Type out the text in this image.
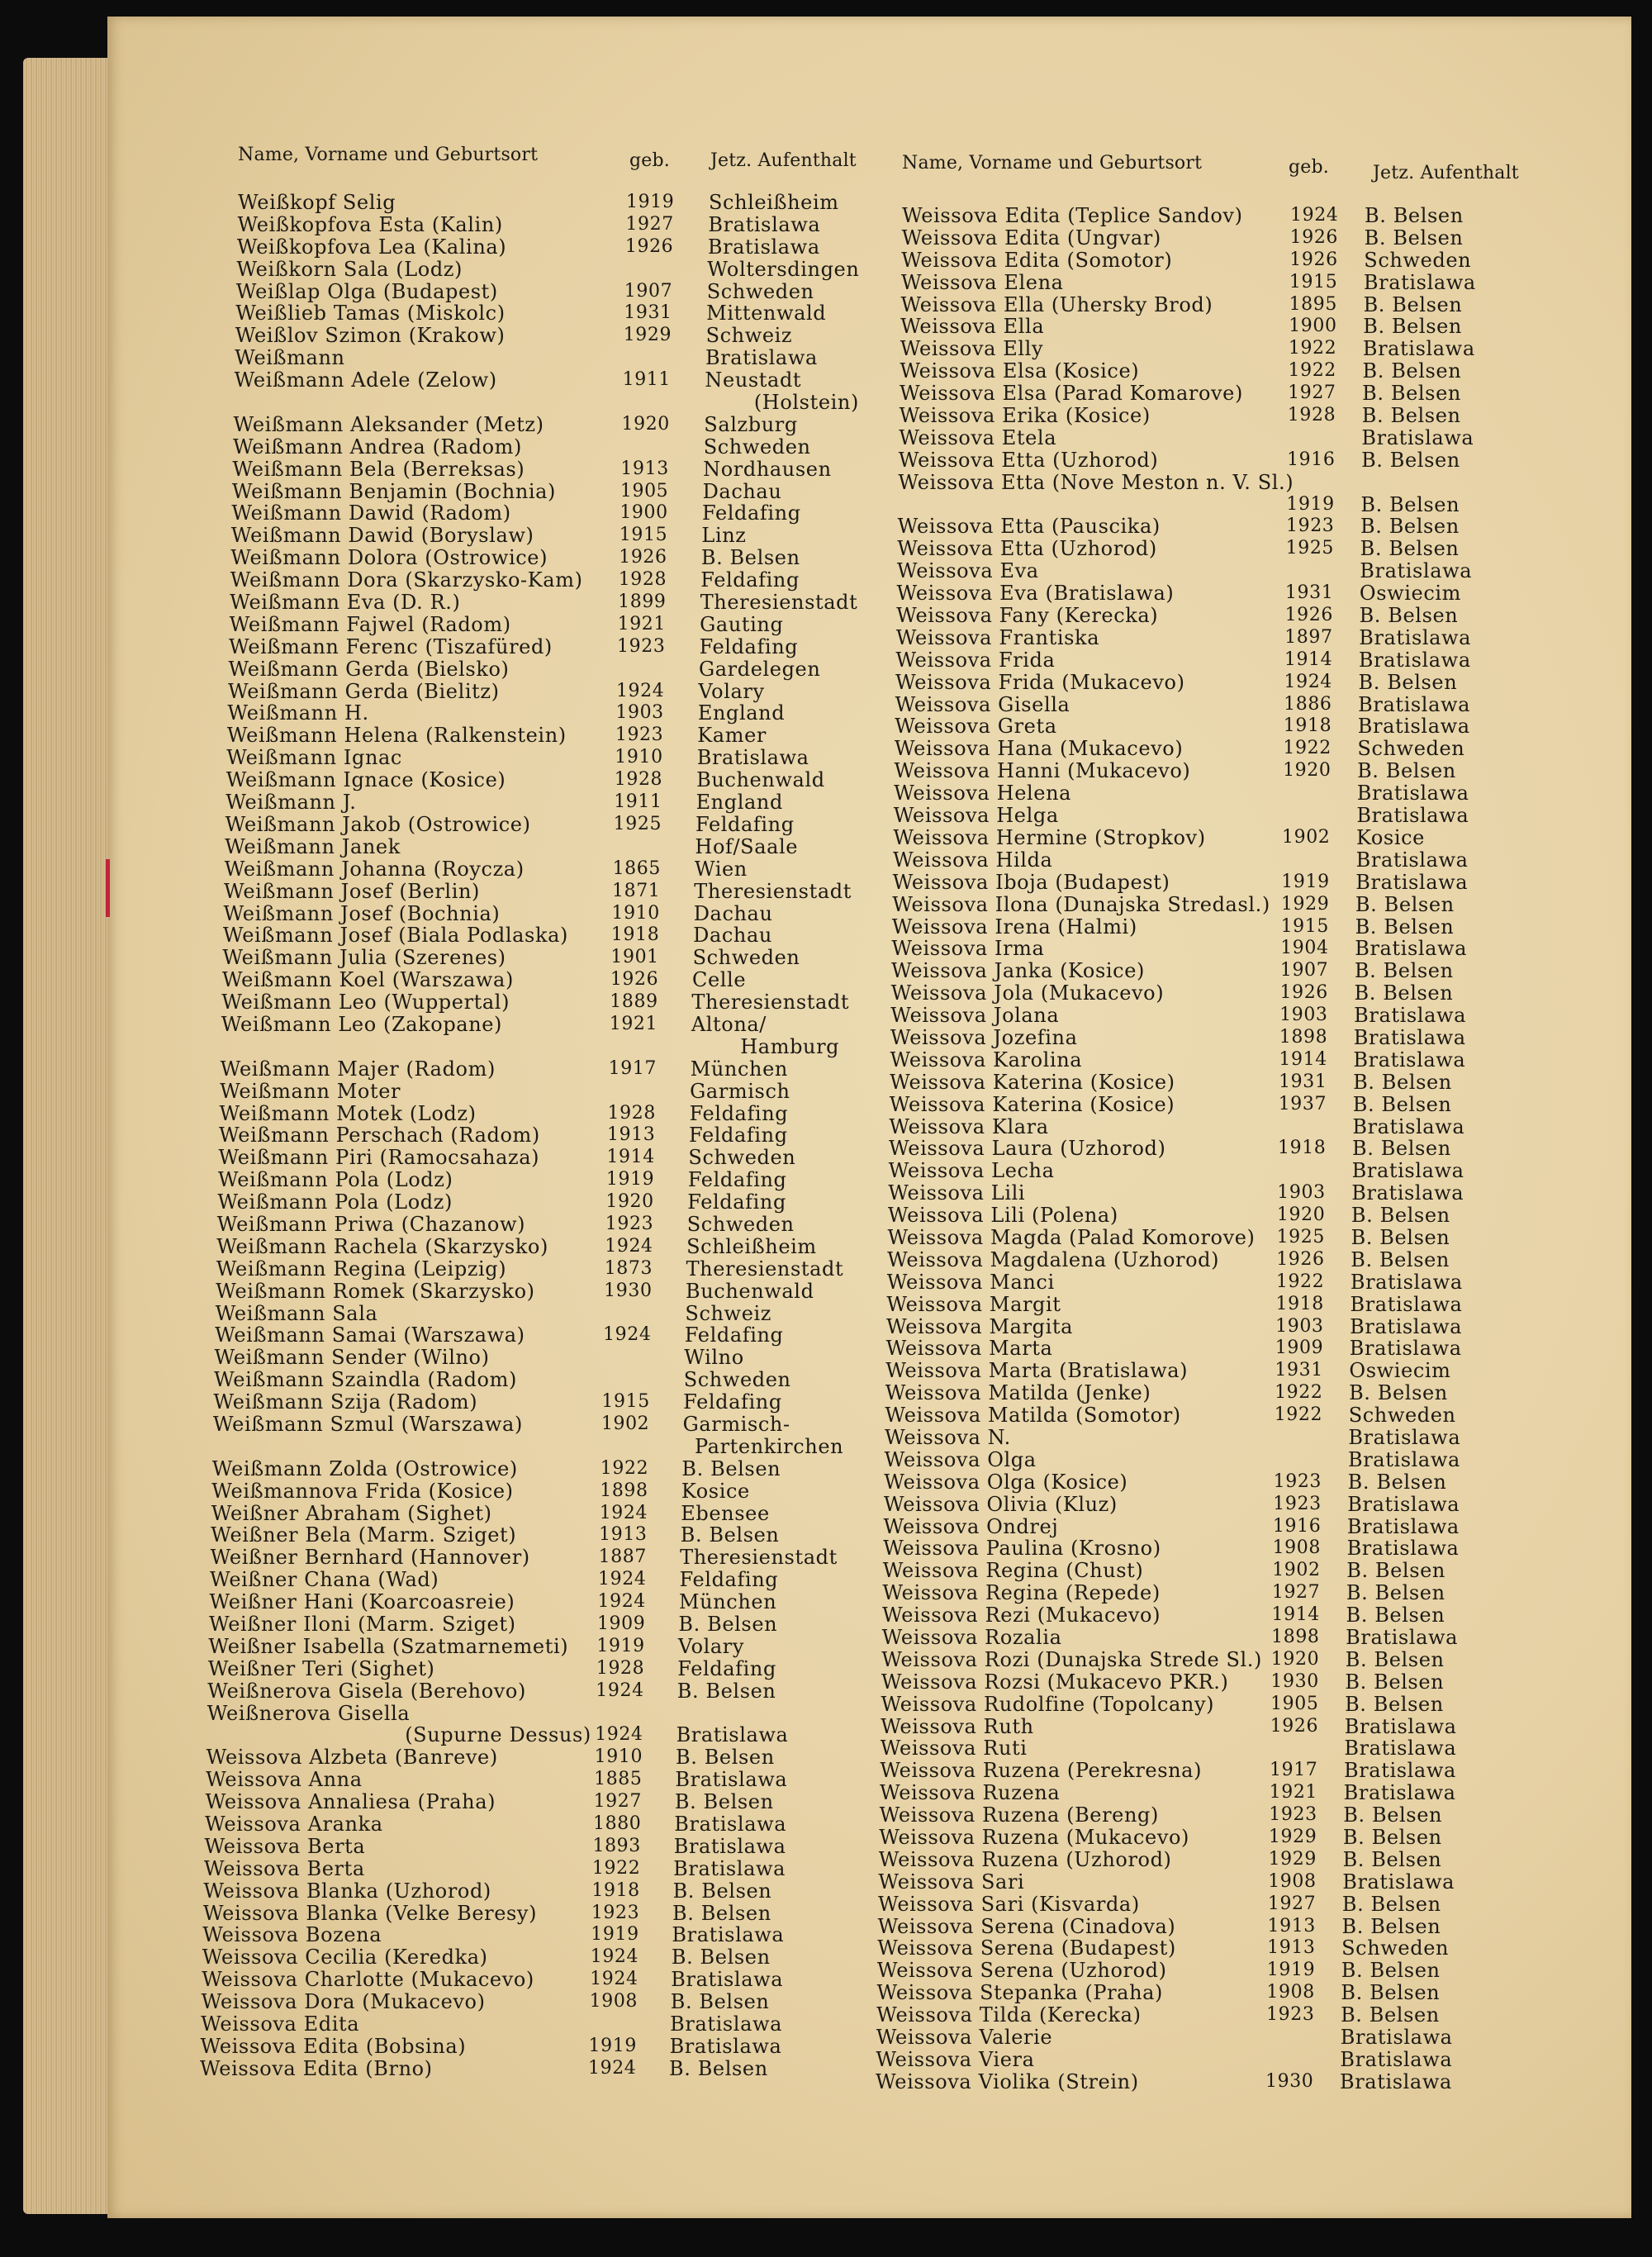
Name, Vorname und Geburtsort	geb. Jetz. Aufenthalt
Weißkopf Selig	1919 Schleißheim
Weißkopfova Esta (Kalin)	1927 Bratislawa
Weißkopfova Lea (Kalina)	1926 Bratislawa
Weißkorn Sala (Lodz)	Woltersdingen
Weißlap Olga (Budapest)	1907 Schweden
Weißlieb Tamas (Miskolc)	1931 Mittenwald
Weißlov Szimon (Krakow)	1929 Schweiz
Weißmann	Bratislawa
Weißmann Adele (Zelow)	1911 Neustadt
(Holstein)
Weißmann Aleksander (Metz)	1920 Salzburg
Weißmann Andrea (Radom)	Schweden
Weißmann Bela (Berreksas)	1913 Nordhausen
Weißmann Benjamin (Bochnia)	1905 Dachau
Weißmann Dawid (Radom)	1900 Feldafing
Weißmann Dawid (Boryslaw)	1915 Linz
Weißmann Dolora (Ostrowice)	1926 B. Belsen
Weißmann Dora (Skarzysko-Kam) 1928 Feldafing
Weißmann Eva (D. R.)	1899 Theresienstadt
Weißmann Fajwel (Radom)	1921 Gauting
Weißmann Ferenc (Tiszafüred)	1923 Feldafing
Weißmann Gerda (Bielsko)	Gardelegen
Weißmann Gerda (Bielitz)	1924 Volary
Weißmann H.	1903 England
Weißmann Helena (Ralkenstein)	1923 Kamer
Weißmann Ignac	1910 Bratislawa
Weißmann Ignace (Kosice)	1928 Buchenwald
Weißmann J.	1911 England
Weißmann Jakob (Ostrowice)	1925 Feldafing
Weißmann Janek	Hof/Saale
Weißmann Johanna (Roycza)	1865 Wien
Weißmann Josef (Berlin)	1871 Theresienstadt
Weißmann Josef (Bochnia)	1910 Dachau
Weißmann Josef (Biala Podlaska) 1918 Dachau
Weißmann Julia (Szerenes)	1901 Schweden
Weißmann Koel (Warszawa)	1926 Celle
Weißmann Leo (Wuppertal)	1889 Theresienstadt
Weißmann Leo (Zakopane)	1921 Altona/
Hamburg
Weißmann Majer (Radom)	1917 München
Weißmann Moter	Garmisch
Weißmann Motek (Lodz)	1928 Feldafing
Weißmann Perschach (Radom)	1913 Feldafing
Weißmann Piri (Ramocsahaza)	1914 Schweden
Weißmann Pola (Lodz)	1919 Feldafing
Weißmann Pola (Lodz)	1920 Feldafing
Weißmann Priwa (Chazanow)	1923 Schweden
Weißmann Rachela (Skarzysko)	1924 Schleißheim
Weißmann Regina (Leipzig)	1873 Theresienstadt
Weißmann Romek (Skarzysko)	1930 Buchenwald
Weißmann Sala	Schweiz
Weißmann Samai (Warszawa)	1924 Feldafing
Weißmann Sender (Wilno)	Wilno
Weißmann Szaindla (Radom)	Schweden
Weißmann Szija (Radom)	1915 Feldafing
Weißmann Szmul (Warszawa)	1902 Garmisch-
Partenkirchen
Weißmann Zolda (Ostrowice)	1922 B. Belsen
Weißmannova Frida (Kosice)	1898 Kosice
Weißner Abraham (Sighet)	1924 Ebensee
Weißner Bela (Marm. Sziget)	1913 B. Belsen
Weißner Bernhard (Hannover)	1887 Theresienstadt
Weißner Chana (Wad)	1924 Feldafing
Weißner Hani (Koarcoasreie)	1924 München
Weißner Iloni (Marm. Sziget)	1909 B. Belsen
Weißner Isabella (Szatmarnemeti) 1919 Volary
Weißner Teri (Sighet)	1928 Feldafing
Weißnerova Gisela (Berehovo)	1924 B. Belsen
Weißnerova Gisella
(Supurne Dessus) 1924 Bratislawa
Weissova Alzbeta (Banreve)	1910 B. Belsen
Weissova Anna	1885 Bratislawa
Weissova Annaliesa (Praha)	1927 B. Belsen
Weissova Aranka	1880 Bratislawa
Weissova Berta	1893 Bratislawa
Weissova Berta	1922 Bratislawa
Weissova Blanka (Uzhorod)	1918 B. Belsen
Weissova Blanka (Velke Beresy)	1923 B. Belsen
Weissova Bozena	1919 Bratislawa
Weissova Cecilia (Keredka)	1924 B. Belsen
Weissova Charlotte (Mukacevo)	1924 Bratislawa
Weissova Dora (Mukacevo)	1908 B. Belsen
Weissova Edita	Bratislawa
Weissova Edita (Bobsina)	1919 Bratislawa
Weissova Edita (Brno)	1924 B. Belsen
Name, Vorname und Geburtsort	geb. Jetz. Aufenthalt
Weissova Edita (Teplice Sandov)	1924 B. Belsen
Weissova Edita (Ungvar)	1926 B. Belsen
Weissova Edita (Somotor)	1926 Schweden
Weissova Elena	1915 Bratislawa
Weissova Ella (Uhersky Brod)	1895 B. Belsen
Weissova Ella	1900 B. Belsen
Weissova Elly	1922 Bratislawa
Weissova Elsa (Kosice)	1922 B. Belsen
Weissova Elsa (Parad Komarove) 1927 B. Belsen
Weissova Erika (Kosice)	1928 B. Belsen
Weissova Etela	Bratislawa
Weissova Etta (Uzhorod)	1916 B. Belsen
Weissova Etta (Nove Meston n. V. Sl.)
1919 B. Belsen
Weissova Etta (Pauscika)	1923 B. Belsen
Weissova Etta (Uzhorod)	1925 B. Belsen
Weissova Eva	Bratislawa
Weissova Eva (Bratislawa)	1931 Oswiecim
Weissova Fany (Kerecka)	1926 B. Belsen
Weissova Frantiska	1897 Bratislawa
Weissova Frida	1914 Bratislawa
Weissova Frida (Mukacevo)	1924 B. Belsen
Weissova Gisella	1886 Bratislawa
Weissova Greta	1918 Bratislawa
Weissova Hana (Mukacevo)	1922 Schweden
Weissova Hanni (Mukacevo)	1920 B. Belsen
Weissova Helena	Bratislawa
Weissova Helga	Bratislawa
Weissova Hermine (Stropkov)	1902 Kosice
Weissova Hilda	Bratislawa
Weissova Iboja (Budapest)	1919 Bratislawa
Weissova Ilona (Dunajska Stredasl.) 1929 B. Belsen
Weissova Irena (Halmi)	1915 B. Belsen
Weissova Irma	1904 Bratislawa
Weissova Janka (Kosice)	1907 B. Belsen
Weissova Jola (Mukacevo)	1926 B. Belsen
Weissova Jolana	1903 Bratislawa
Weissova Jozefina	1898 Bratislawa
Weissova Karolina	1914 Bratislawa
Weissova Katerina (Kosice)	1931 B. Belsen
Weissova Katerina (Kosice)	1937 B. Belsen
Weissova Klara	Bratislawa
Weissova Laura (Uzhorod)	1918 B. Belsen
Weissova Lecha	Bratislawa
Weissova Lili	1903 Bratislawa
Weissova Lili (Polena)	1920 B. Belsen
Weissova Magda (Palad Komorove) 1925 B. Belsen
Weissova Magdalena (Uzhorod)	1926 B. Belsen
Weissova Manci	1922 Bratislawa
Weissova Margit	1918 Bratislawa
Weissova Margita	1903 Bratislawa
Weissova Marta	1909 Bratislawa
Weissova Marta (Bratislawa)	1931 Oswiecim
Weissova Matilda (Jenke)	1922 B. Belsen
Weissova Matilda (Somotor)	1922 Schweden
Weissova N.	Bratislawa
Weissova Olga	Bratislawa
Weissova Olga (Kosice)	1923 B. Belsen
Weissova Olivia (Kluz)	1923 Bratislawa
Weissova Ondrej	1916 Bratislawa
Weissova Paulina (Krosno)	1908 Bratislawa
Weissova Regina (Chust)	1902 B. Belsen
Weissova Regina (Repede)	1927 B. Belsen
Weissova Rezi (Mukacevo)	1914 B. Belsen
Weissova Rozalia	1898 Bratislawa
Weissova Rozi (Dunajska Strede Sl.) 1920 B. Belsen
Weissova Rozsi (Mukacevo PKR.) 1930 B. Belsen
Weissova Rudolfine (Topolcany)	1905 B. Belsen
Weissova Ruth	1926 Bratislawa
Weissova Ruti	Bratislawa
Weissova Ruzena (Perekresna)	1917 Bratislawa
Weissova Ruzena	1921 Bratislawa
Weissova Ruzena (Bereng)	1923 B. Belsen
Weissova Ruzena (Mukacevo)	1929 B. Belsen
Weissova Ruzena (Uzhorod)	1929 B. Belsen
Weissova Sari	1908 Bratislawa
Weissova Sari (Kisvarda)	1927 B. Belsen
Weissova Serena (Cinadova)	1913 B. Belsen
Weissova Serena (Budapest)	1913 Schweden
Weissova Serena (Uzhorod)	1919 B. Belsen
Weissova Stepanka (Praha)	1908 B. Belsen
Weissova Tilda (Kerecka)	1923 B. Belsen
Weissova Valerie	Bratislawa
Weissova Viera	Bratislawa
Weissova Violika (Strein)	1930 Bratislawa
